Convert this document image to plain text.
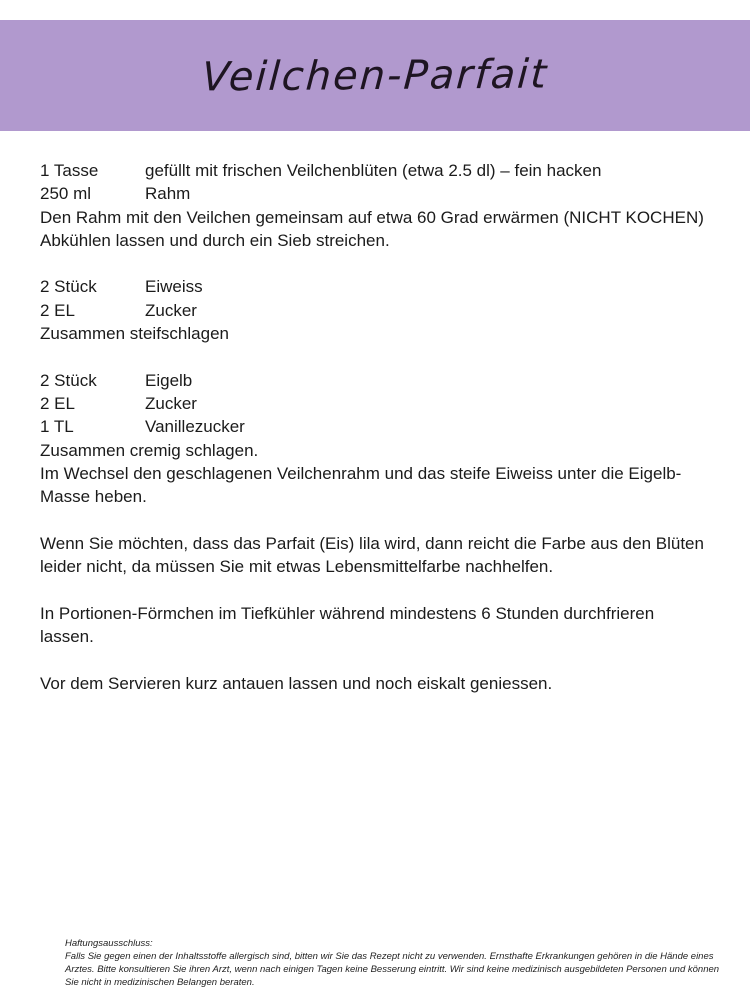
Veilchen-Parfait
1 Tasse	gefüllt mit frischen Veilchenblüten (etwa 2.5 dl) – fein hacken
250 ml	Rahm
Den Rahm mit den Veilchen gemeinsam auf etwa 60 Grad erwärmen (NICHT KOCHEN)
Abkühlen lassen und durch ein Sieb streichen.
2 Stück	Eiweiss
2 EL	Zucker
Zusammen steifschlagen
2 Stück	Eigelb
2 EL	Zucker
1 TL	Vanillezucker
Zusammen cremig schlagen.
Im Wechsel den geschlagenen Veilchenrahm und das steife Eiweiss unter die Eigelb-
Masse heben.
Wenn Sie möchten, dass das Parfait (Eis) lila wird, dann reicht die Farbe aus den Blüten
leider nicht, da müssen Sie mit etwas Lebensmittelfarbe nachhelfen.
In Portionen-Förmchen im Tiefkühler während mindestens 6 Stunden durchfrieren
lassen.
Vor dem Servieren kurz antauen lassen und noch eiskalt geniessen.
Haftungsausschluss:
Falls Sie gegen einen der Inhaltsstoffe allergisch sind, bitten wir Sie das Rezept nicht zu verwenden. Ernsthafte Erkrankungen gehören in die Hände eines Arztes. Bitte konsultieren Sie ihren Arzt, wenn nach einigen Tagen keine Besserung eintritt. Wir sind keine medizinisch ausgebildeten Personen und können Sie nicht in medizinischen Belangen beraten.
